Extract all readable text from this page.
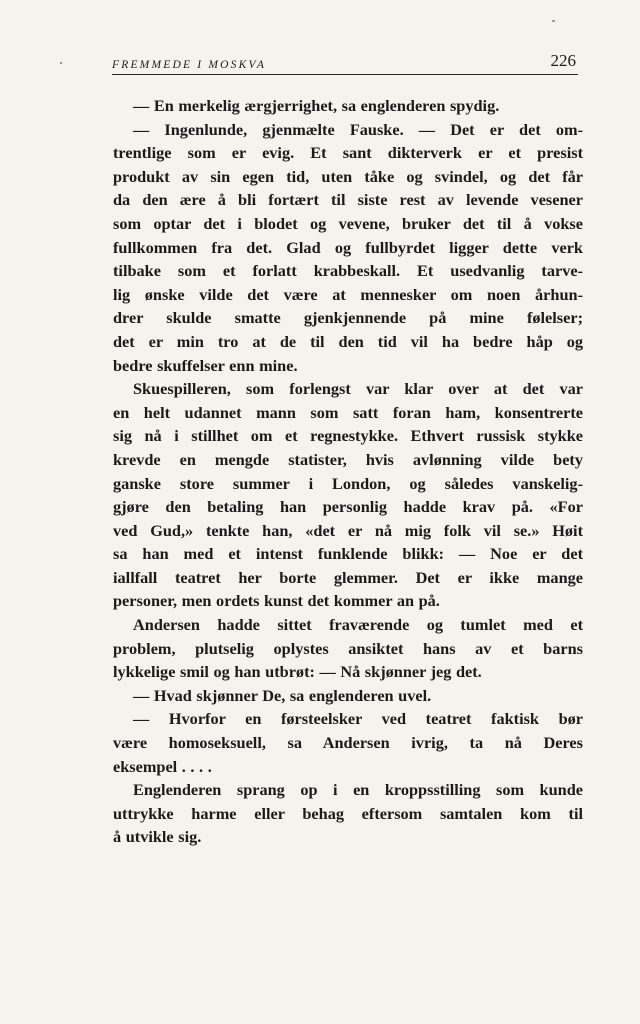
FREMMEDE I MOSKVA	226

— En merkelig ærgjerrighet, sa englenderen spydig.

— Ingenlunde, gjenmælte Fauske. — Det er det om-

trentlige som er evig. Et sant dikterverk er et presist

produkt av sin egen tid, uten tåke og svindel, og det får

da den ære å bli fortært til siste rest av levende vesener

som optar det i blodet og vevene, bruker det til å vokse

fullkommen fra det. Glad og fullbyrdet ligger dette verk

tilbake som et forlatt krabbeskall. Et usedvanlig tarve-

lig ønske vilde det være at mennesker om noen århun-

drer skulde smatte gjenkjennende på mine følelser;

det er min tro at de til den tid vil ha bedre håp og

bedre skuffelser enn mine.

Skuespilleren, som forlengst var klar over at det var

en helt udannet mann som satt foran ham, konsentrerte

sig nå i stillhet om et regnestykke. Ethvert russisk stykke

krevde en mengde statister, hvis avlønning vilde bety

ganske store summer i London, og således vanskelig-

gjøre den betaling han personlig hadde krav på. «For

ved Gud,» tenkte han, «det er nå mig folk vil se.» Høit

sa han med et intenst funklende blikk: — Noe er det

iallfall teatret her borte glemmer. Det er ikke mange

personer, men ordets kunst det kommer an på.

Andersen hadde sittet fraværende og tumlet med et

problem, plutselig oplystes ansiktet hans av et barns

lykkelige smil og han utbrøt: — Nå skjønner jeg det.

— Hvad skjønner De, sa englenderen uvel.

— Hvorfor en førsteelsker ved teatret faktisk bør

være homoseksuell, sa Andersen ivrig, ta nå Deres

eksempel . . . .

Englenderen sprang op i en kroppsstilling som kunde

uttrykke harme eller behag eftersom samtalen kom til

å utvikle sig.
